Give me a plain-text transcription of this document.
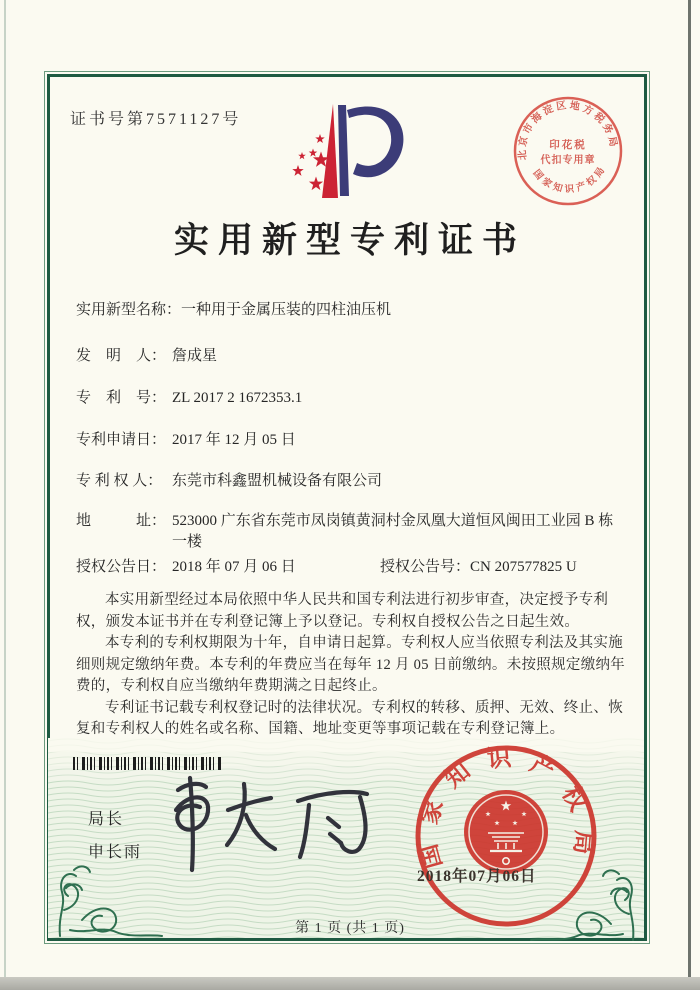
证书号第7571127号
北京市海淀区地方税务局
国家知识产权局
印花税
代扣专用章
实用新型专利证书
实用新型名称： 一种用于金属压装的四柱油压机
发　明　人： 詹成星
专　利　号： ZL 2017 2 1672353.1
专利申请日： 2017 年 12 月 05 日
专 利 权 人： 东莞市科鑫盟机械设备有限公司
地　　　址： 523000 广东省东莞市凤岗镇黄洞村金凤凰大道恒风闽田工业园 B 栋一楼
授权公告日： 2018 年 07 月 06 日	授权公告号： CN 207577825 U

本实用新型经过本局依照中华人民共和国专利法进行初步审查，决定授予专利权，颁发本证书并在专利登记簿上予以登记。专利权自授权公告之日起生效。

本专利的专利权期限为十年，自申请日起算。专利权人应当依照专利法及其实施细则规定缴纳年费。本专利的年费应当在每年 12 月 05 日前缴纳。未按照规定缴纳年费的，专利权自应当缴纳年费期满之日起终止。

专利证书记载专利权登记时的法律状况。专利权的转移、质押、无效、终止、恢复和专利权人的姓名或名称、国籍、地址变更等事项记载在专利登记簿上。

局长
申长雨	国家知识产权局
2018年07月06日
第 1 页 (共 1 页)
